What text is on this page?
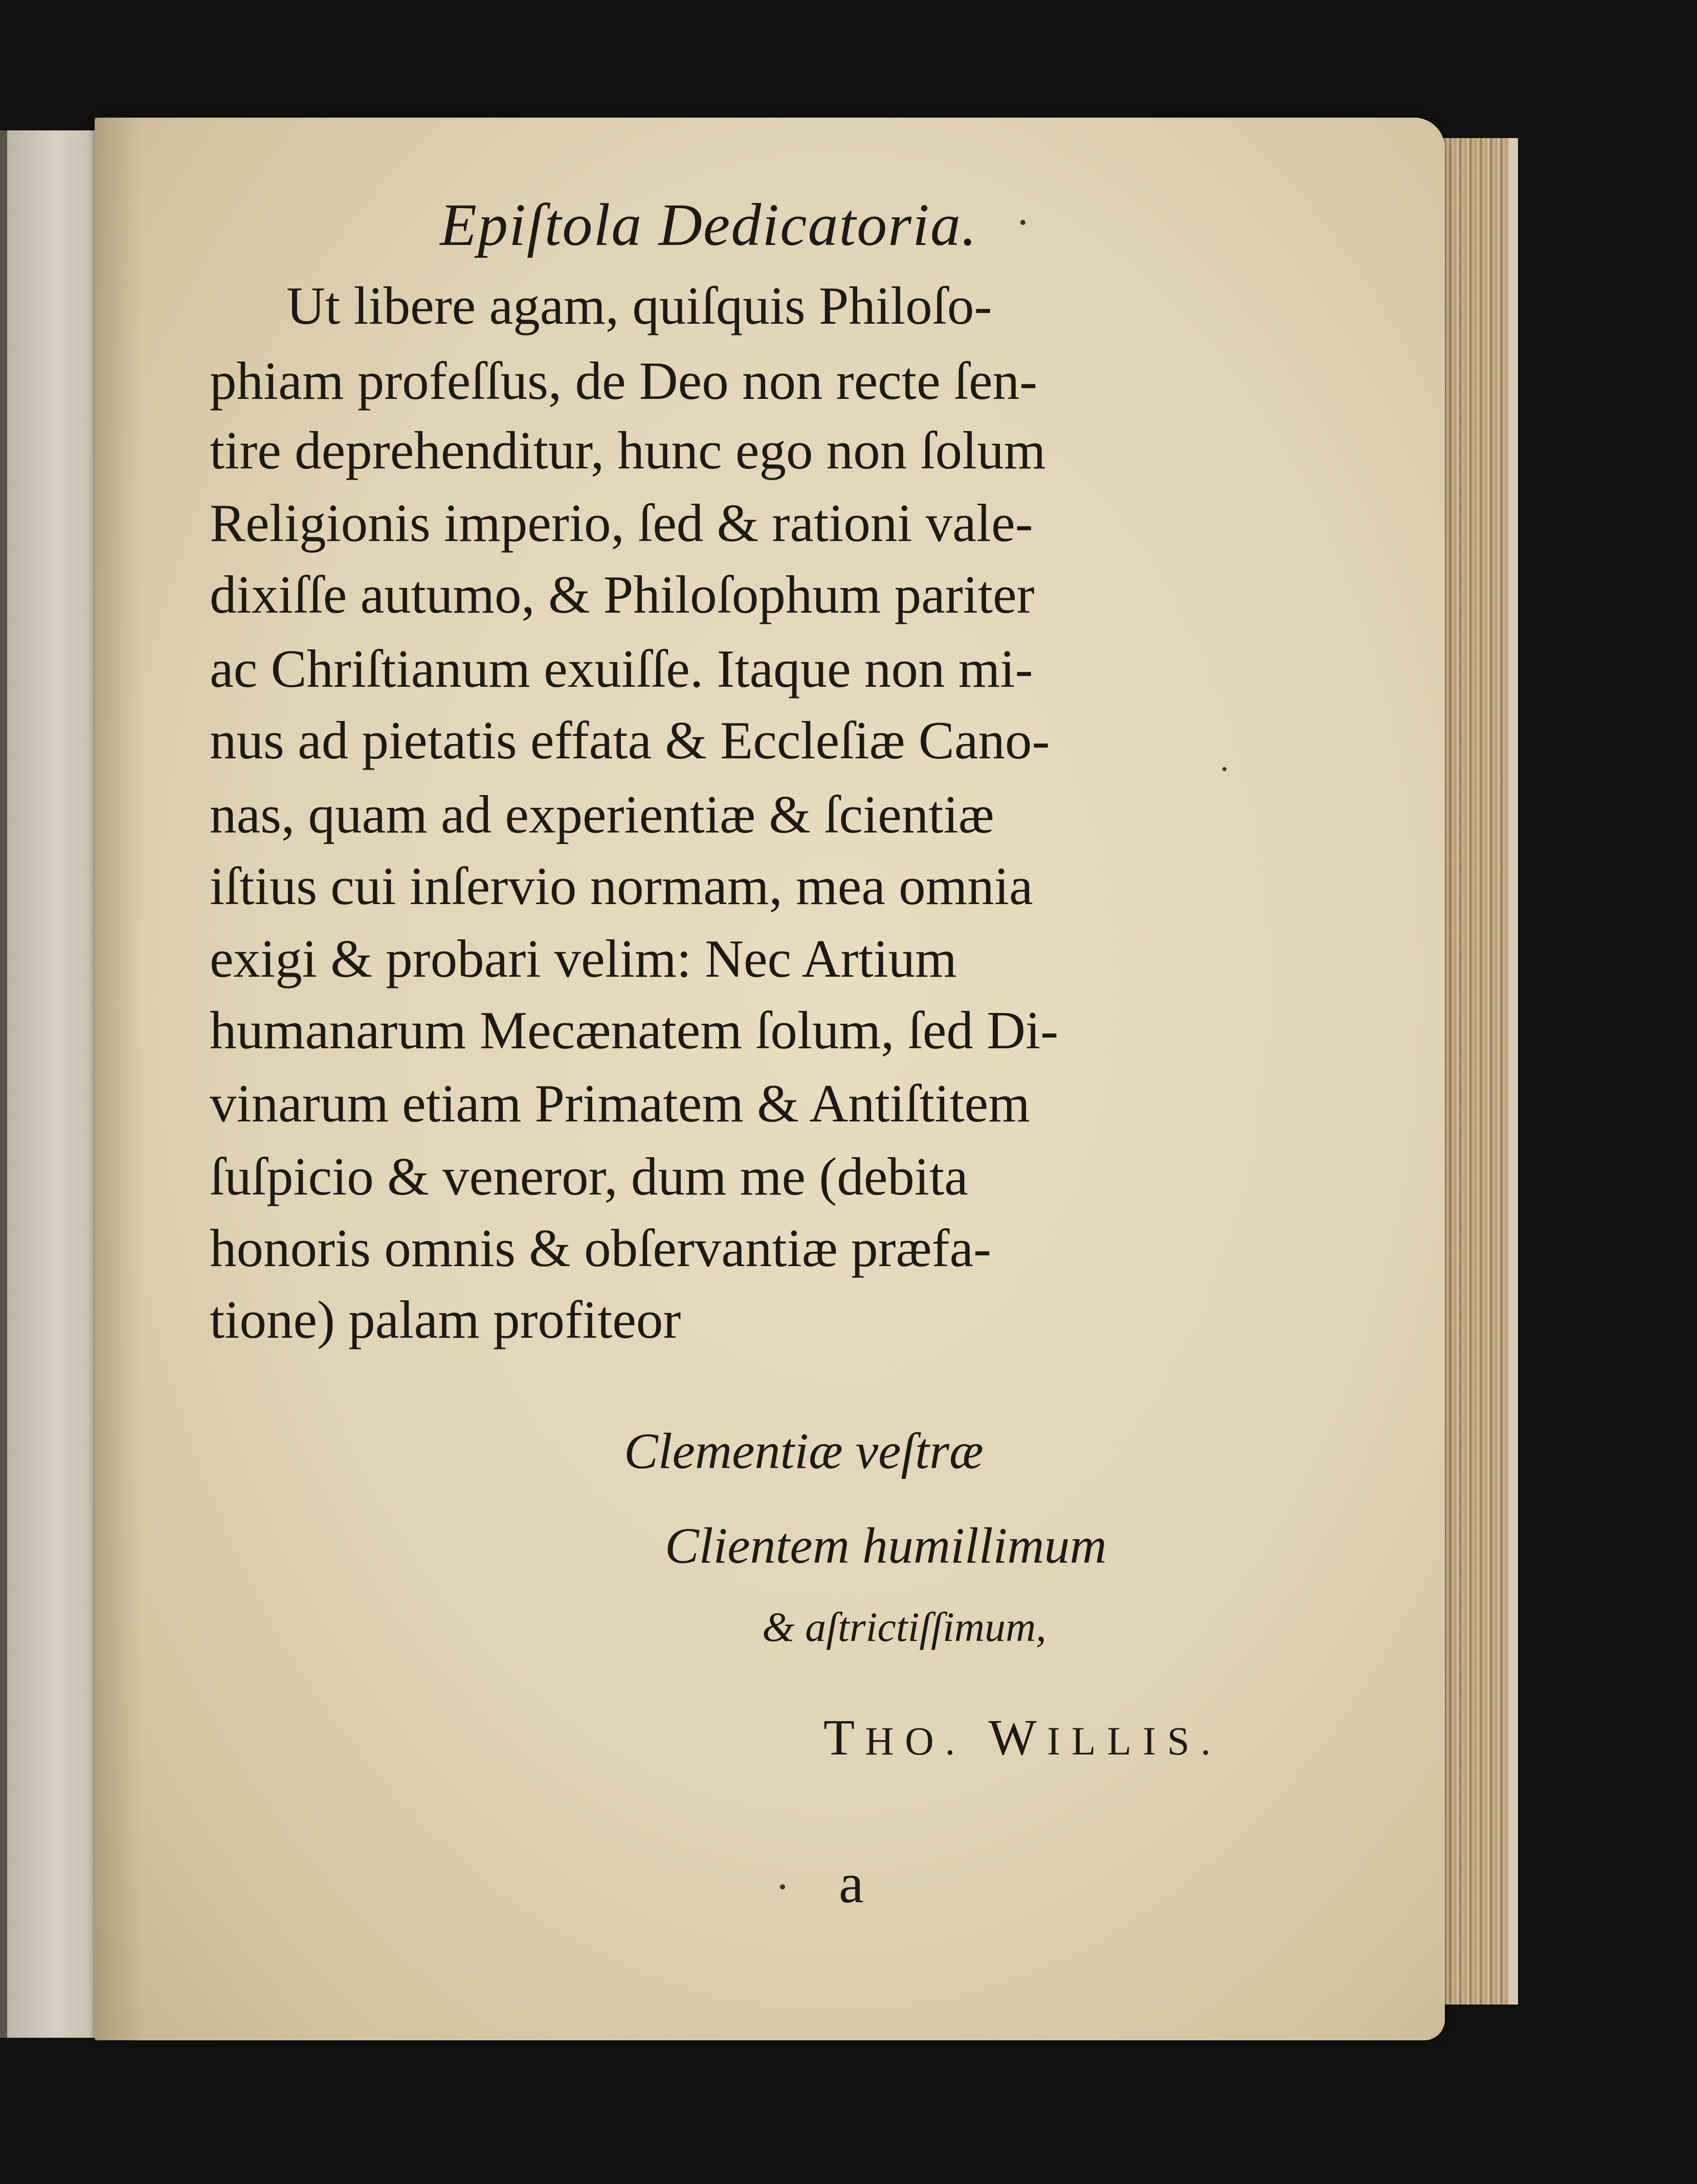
Epiſtola Dedicatoria.
Ut libere agam, quiſquis Philoſo-
phiam profeſſus, de Deo non recte ſen-
tire deprehenditur, hunc ego non ſolum
Religionis imperio, ſed & rationi vale-
dixiſſe autumo, & Philoſophum pariter
ac Chriſtianum exuiſſe. Itaque non mi-
nus ad pietatis effata & Eccleſiæ Cano-
nas, quam ad experientiæ & ſcientiæ
iſtius cui inſervio normam, mea omnia
exigi & probari velim: Nec Artium
humanarum Mecænatem ſolum, ſed Di-
vinarum etiam Primatem & Antiſtitem
ſuſpicio & veneror, dum me (debita
honoris omnis & obſervantiæ præfa-
tione) palam profiteor
Clementiæ veſtræ
Clientem humillimum
& aſtrictiſſimum,
THO. WILLIS.
a
